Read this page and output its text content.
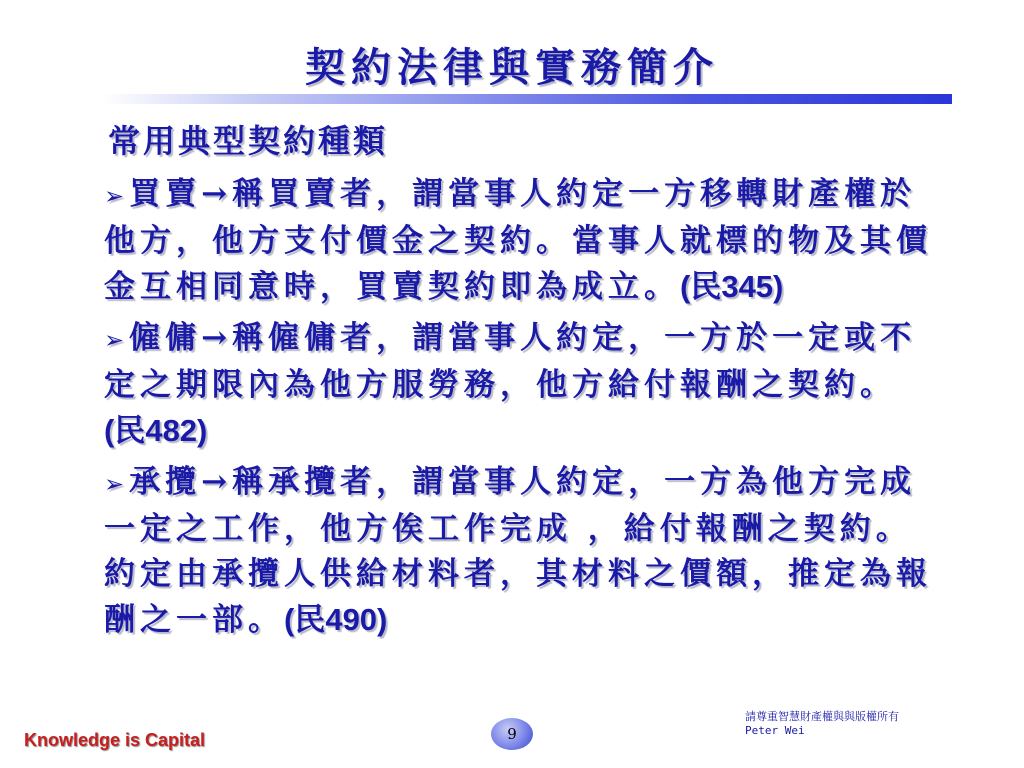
契約法律與實務簡介
常用典型契約種類
➢買賣→稱買賣者，謂當事人約定一方移轉財產權於他方，他方支付價金之契約。當事人就標的物及其價金互相同意時，買賣契約即為成立。(民345)
➢僱傭→稱僱傭者，謂當事人約定，一方於一定或不定之期限內為他方服勞務，他方給付報酬之契約。(民482)
➢承攬→稱承攬者，謂當事人約定，一方為他方完成一定之工作，他方俟工作完成 ，給付報酬之契約。約定由承攬人供給材料者，其材料之價額，推定為報酬之一部。(民490)
Knowledge is Capital	9
請尊重智慧財產權與與版權所有
Peter Wei
